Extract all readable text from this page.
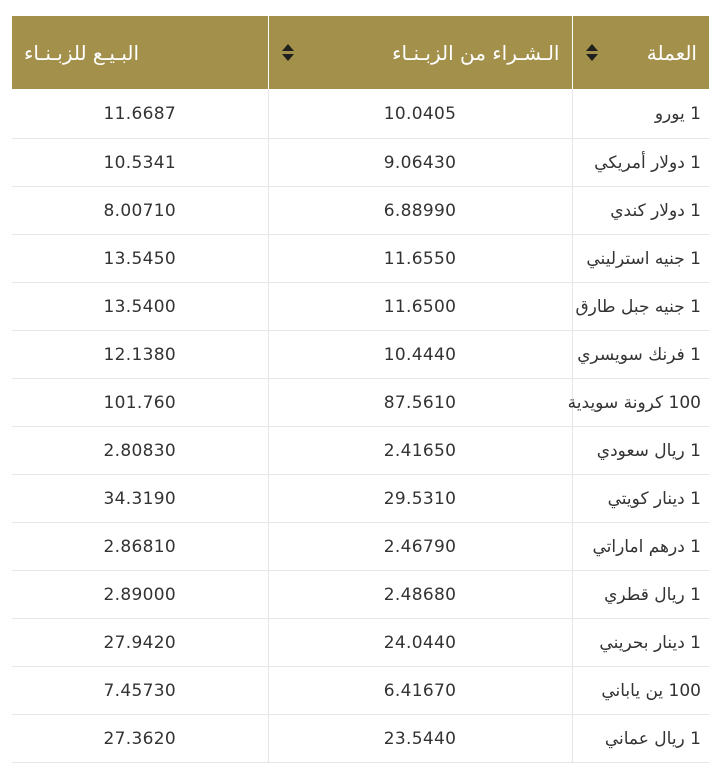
العملة	الـشـراء من الزبـنـاء	البـيـع للزبـنـاء

1 يورو	10.0405	11.6687
1 دولار أمريكي	9.06430	10.5341
1 دولار كندي	6.88990	8.00710
1 جنيه استرليني	11.6550	13.5450
1 جنيه جبل طارق	11.6500	13.5400
1 فرنك سويسري	10.4440	12.1380
100 كرونة سويدية	87.5610	101.760
1 ريال سعودي	2.41650	2.80830
1 دينار كويتي	29.5310	34.3190
1 درهم اماراتي	2.46790	2.86810
1 ريال قطري	2.48680	2.89000
1 دينار بحريني	24.0440	27.9420
100 ين ياباني	6.41670	7.45730
1 ريال عماني	23.5440	27.3620
